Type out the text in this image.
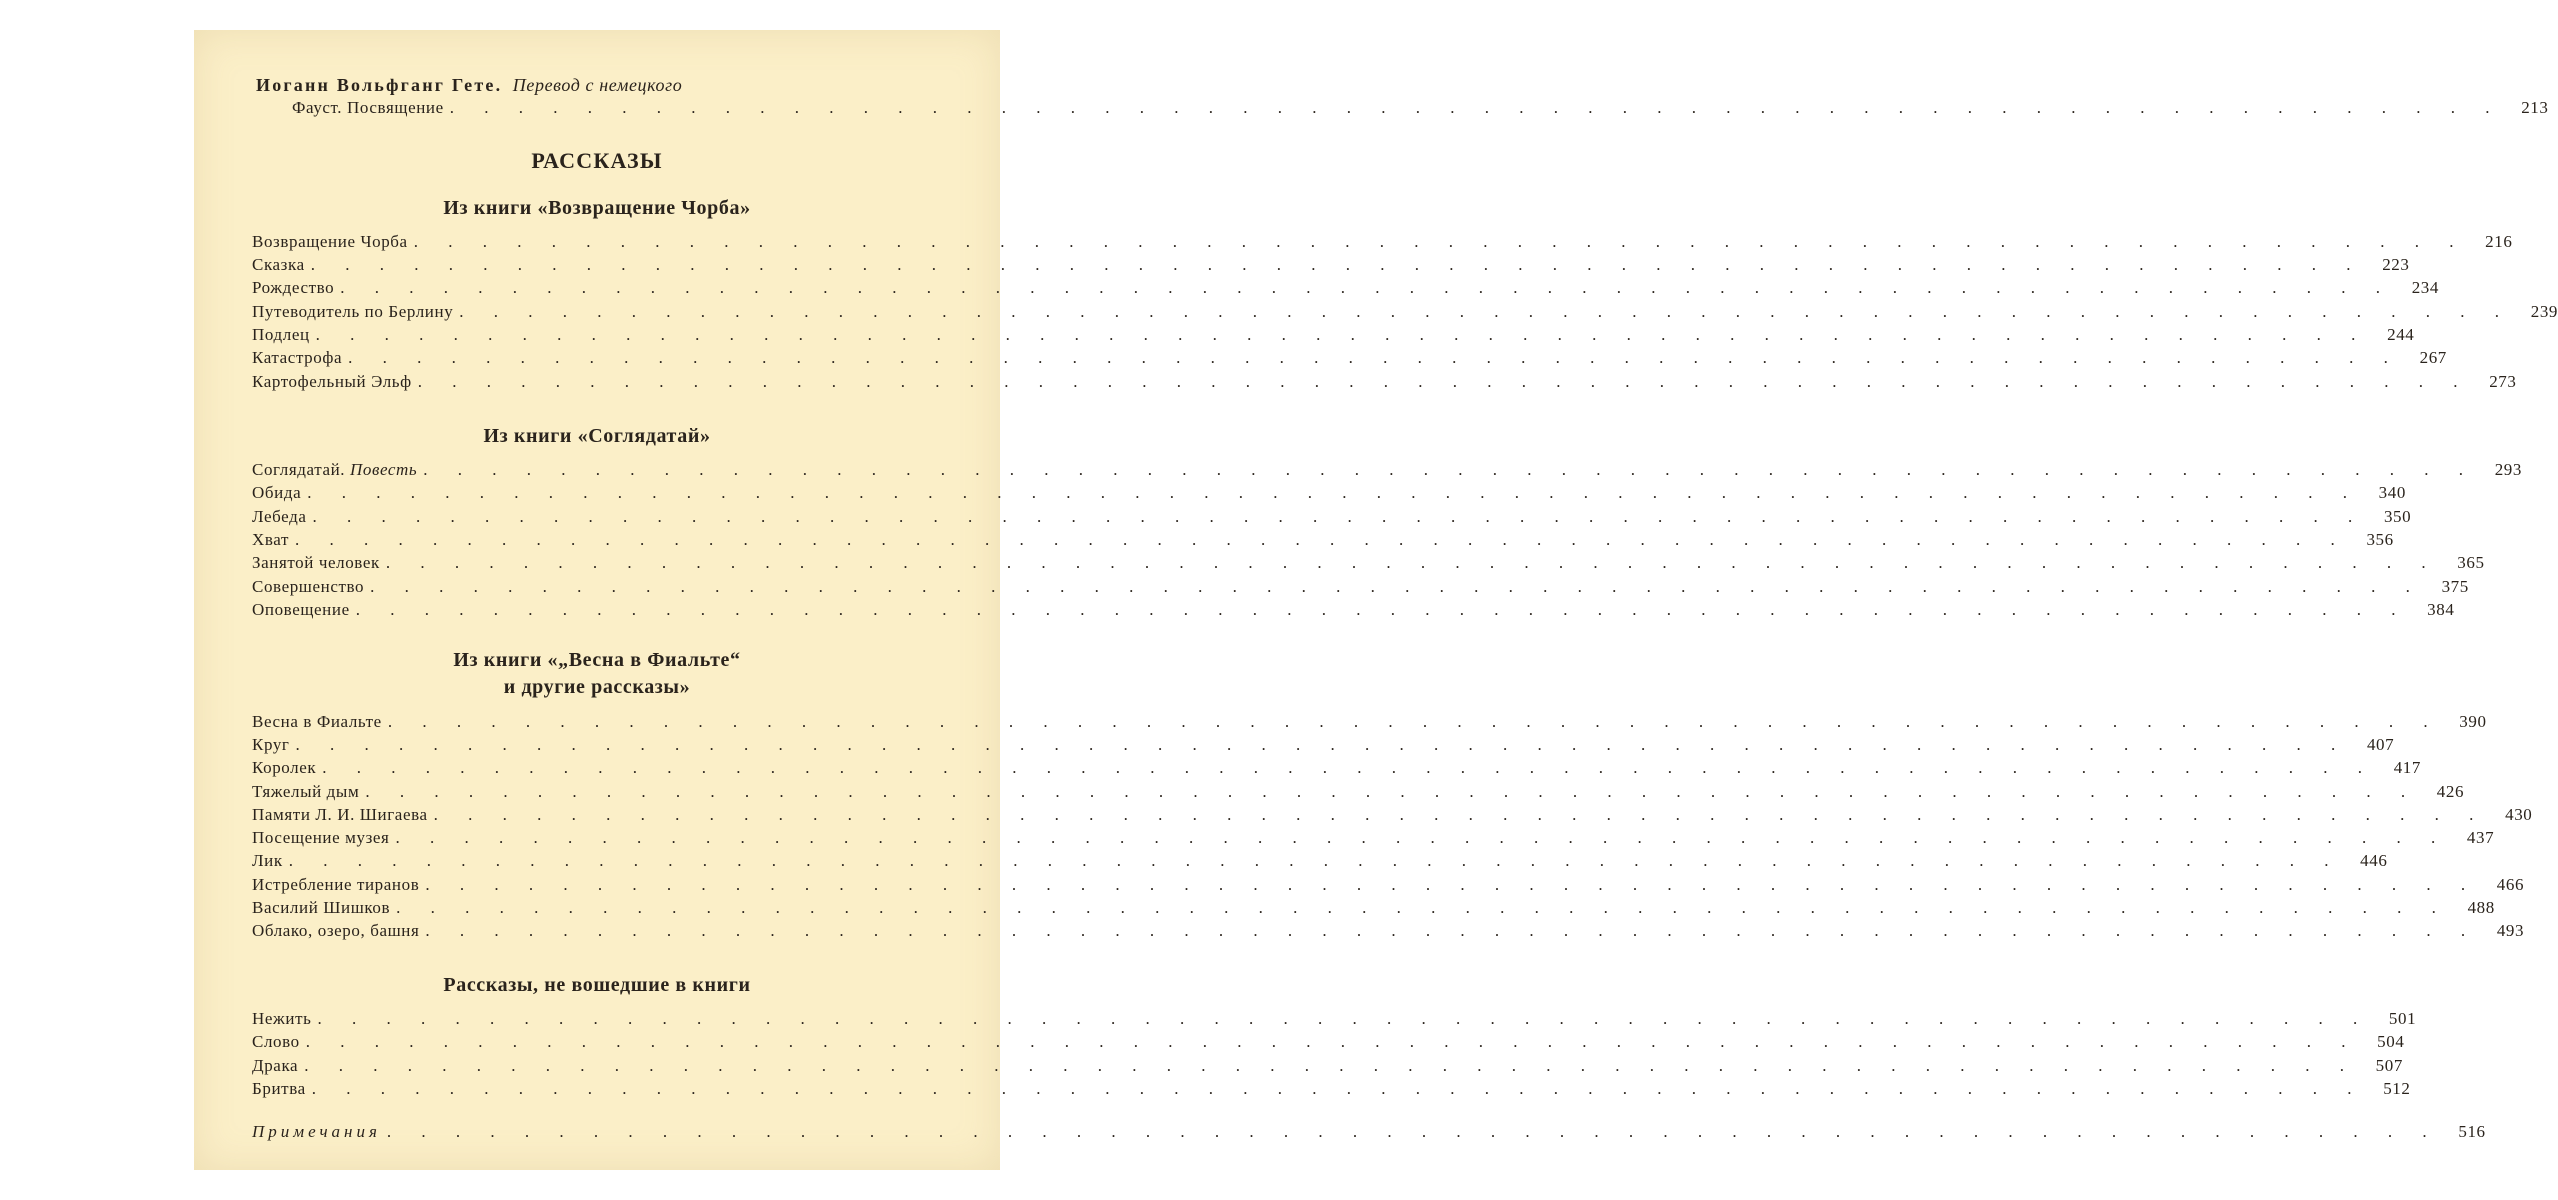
Иоганн Вольфганг Гете. Перевод с немецкого
Фауст. Посвящение . . . . . . . . . . . . . . . . . . . . . . . . . . . . . . . . . . . . . . . . . . . . . . . . . . . . . . . . . . . .	213
РАССКАЗЫ
Из книги «Возвращение Чорба»
Возвращение Чорба . . . . . . . . . . . . . . . . . . . . . . . . . . . . . . . . . . . . . . . . . . . . . . . . . . . . . . . . . . . .	216
Сказка . . . . . . . . . . . . . . . . . . . . . . . . . . . . . . . . . . . . . . . . . . . . . . . . . . . . . . . . . . . .	223
Рождество . . . . . . . . . . . . . . . . . . . . . . . . . . . . . . . . . . . . . . . . . . . . . . . . . . . . . . . . . . . .	234
Путеводитель по Берлину . . . . . . . . . . . . . . . . . . . . . . . . . . . . . . . . . . . . . . . . . . . . . . . . . . . . . . . . . . . .	239
Подлец . . . . . . . . . . . . . . . . . . . . . . . . . . . . . . . . . . . . . . . . . . . . . . . . . . . . . . . . . . . .	244
Катастрофа . . . . . . . . . . . . . . . . . . . . . . . . . . . . . . . . . . . . . . . . . . . . . . . . . . . . . . . . . . . .	267
Картофельный Эльф . . . . . . . . . . . . . . . . . . . . . . . . . . . . . . . . . . . . . . . . . . . . . . . . . . . . . . . . . . . .	273
Из книги «Соглядатай»
Соглядатай. Повесть . . . . . . . . . . . . . . . . . . . . . . . . . . . . . . . . . . . . . . . . . . . . . . . . . . . . . . . . . . . .	293
Обида . . . . . . . . . . . . . . . . . . . . . . . . . . . . . . . . . . . . . . . . . . . . . . . . . . . . . . . . . . . .	340
Лебеда . . . . . . . . . . . . . . . . . . . . . . . . . . . . . . . . . . . . . . . . . . . . . . . . . . . . . . . . . . . .	350
Хват . . . . . . . . . . . . . . . . . . . . . . . . . . . . . . . . . . . . . . . . . . . . . . . . . . . . . . . . . . . .	356
Занятой человек . . . . . . . . . . . . . . . . . . . . . . . . . . . . . . . . . . . . . . . . . . . . . . . . . . . . . . . . . . . .	365
Совершенство . . . . . . . . . . . . . . . . . . . . . . . . . . . . . . . . . . . . . . . . . . . . . . . . . . . . . . . . . . . .	375
Оповещение . . . . . . . . . . . . . . . . . . . . . . . . . . . . . . . . . . . . . . . . . . . . . . . . . . . . . . . . . . . .	384
Из книги «„Весна в Фиальте“
и другие рассказы»
Весна в Фиальте . . . . . . . . . . . . . . . . . . . . . . . . . . . . . . . . . . . . . . . . . . . . . . . . . . . . . . . . . . . .	390
Круг . . . . . . . . . . . . . . . . . . . . . . . . . . . . . . . . . . . . . . . . . . . . . . . . . . . . . . . . . . . .	407
Королек . . . . . . . . . . . . . . . . . . . . . . . . . . . . . . . . . . . . . . . . . . . . . . . . . . . . . . . . . . . .	417
Тяжелый дым . . . . . . . . . . . . . . . . . . . . . . . . . . . . . . . . . . . . . . . . . . . . . . . . . . . . . . . . . . . .	426
Памяти Л. И. Шигаева . . . . . . . . . . . . . . . . . . . . . . . . . . . . . . . . . . . . . . . . . . . . . . . . . . . . . . . . . . . .	430
Посещение музея . . . . . . . . . . . . . . . . . . . . . . . . . . . . . . . . . . . . . . . . . . . . . . . . . . . . . . . . . . . .	437
Лик . . . . . . . . . . . . . . . . . . . . . . . . . . . . . . . . . . . . . . . . . . . . . . . . . . . . . . . . . . . .	446
Истребление тиранов . . . . . . . . . . . . . . . . . . . . . . . . . . . . . . . . . . . . . . . . . . . . . . . . . . . . . . . . . . . .	466
Василий Шишков . . . . . . . . . . . . . . . . . . . . . . . . . . . . . . . . . . . . . . . . . . . . . . . . . . . . . . . . . . . .	488
Облако, озеро, башня . . . . . . . . . . . . . . . . . . . . . . . . . . . . . . . . . . . . . . . . . . . . . . . . . . . . . . . . . . . .	493
Рассказы, не вошедшие в книги
Нежить . . . . . . . . . . . . . . . . . . . . . . . . . . . . . . . . . . . . . . . . . . . . . . . . . . . . . . . . . . . .	501
Слово . . . . . . . . . . . . . . . . . . . . . . . . . . . . . . . . . . . . . . . . . . . . . . . . . . . . . . . . . . . .	504
Драка . . . . . . . . . . . . . . . . . . . . . . . . . . . . . . . . . . . . . . . . . . . . . . . . . . . . . . . . . . . .	507
Бритва . . . . . . . . . . . . . . . . . . . . . . . . . . . . . . . . . . . . . . . . . . . . . . . . . . . . . . . . . . . .	512
Примечания . . . . . . . . . . . . . . . . . . . . . . . . . . . . . . . . . . . . . . . . . . . . . . . . . . . . . . . . . . . .	516
